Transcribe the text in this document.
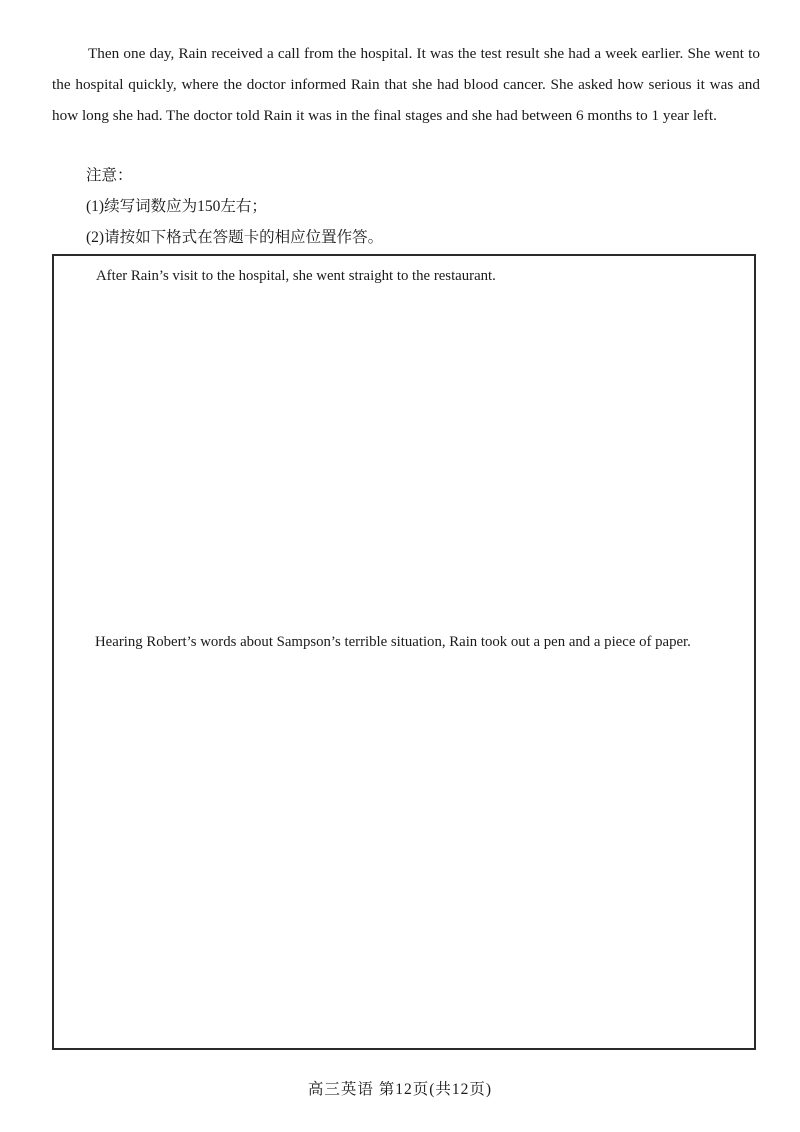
Then one day, Rain received a call from the hospital. It was the test result she had a week earlier. She went to the hospital quickly, where the doctor informed Rain that she had blood cancer. She asked how serious it was and how long she had. The doctor told Rain it was in the final stages and she had between 6 months to 1 year left.

注意：
(1)续写词数应为150左右；
(2)请按如下格式在答题卡的相应位置作答。

After Rain’s visit to the hospital, she went straight to the restaurant.

Hearing Robert’s words about Sampson’s terrible situation, Rain took out a pen and a piece of paper.

高三英语 第12页(共12页)
